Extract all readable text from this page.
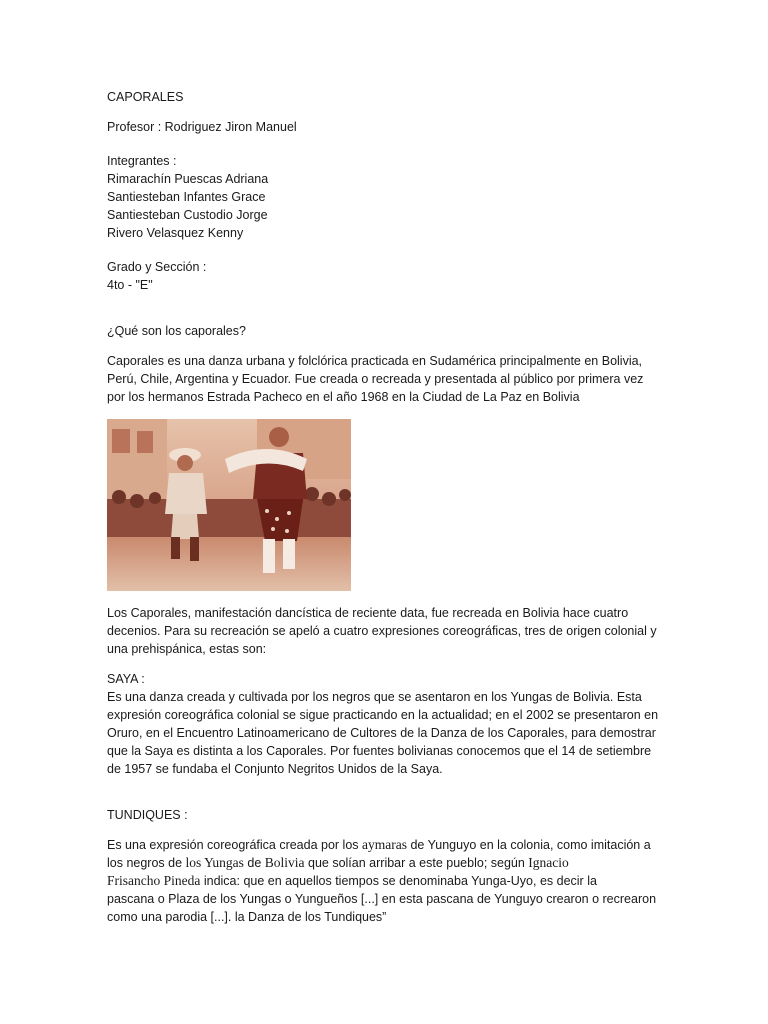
CAPORALES

Profesor : Rodriguez Jiron Manuel

Integrantes :

Rimarachín Puescas Adriana
Santiesteban Infantes Grace
Santiesteban Custodio Jorge
Rivero Velasquez Kenny

Grado y Sección :

4to - "E"

¿Qué son los caporales?

Caporales es una danza urbana y folclórica practicada en Sudamérica principalmente en Bolivia,
Perú, Chile, Argentina y Ecuador. Fue creada o recreada y presentada al público por primera vez
por los hermanos Estrada Pacheco en el año 1968 en la Ciudad de La Paz en Bolivia
Los Caporales, manifestación dancística de reciente data, fue recreada en Bolivia hace cuatro
decenios. Para su recreación se apeló a cuatro expresiones coreográficas, tres de origen colonial y
una prehispánica, estas son:

SAYA :

Es una danza creada y cultivada por los negros que se asentaron en los Yungas de Bolivia. Esta
expresión coreográfica colonial se sigue practicando en la actualidad; en el 2002 se presentaron en
Oruro, en el Encuentro Latinoamericano de Cultores de la Danza de los Caporales, para demostrar
que la Saya es distinta a los Caporales. Por fuentes bolivianas conocemos que el 14 de setiembre
de 1957 se fundaba el Conjunto Negritos Unidos de la Saya.

TUNDIQUES :

Es una expresión coreográfica creada por los aymaras de Yunguyo en la colonia, como imitación a
los negros de los Yungas de Bolivia que solían arribar a este pueblo; según Ignacio
Frisancho Pineda indica: que en aquellos tiempos se denominaba Yunga-Uyo, es decir la
pascana o Plaza de los Yungas o Yungueños [...] en esta pascana de Yunguyo crearon o recrearon
como una parodia [...]. la Danza de los Tundiques”
